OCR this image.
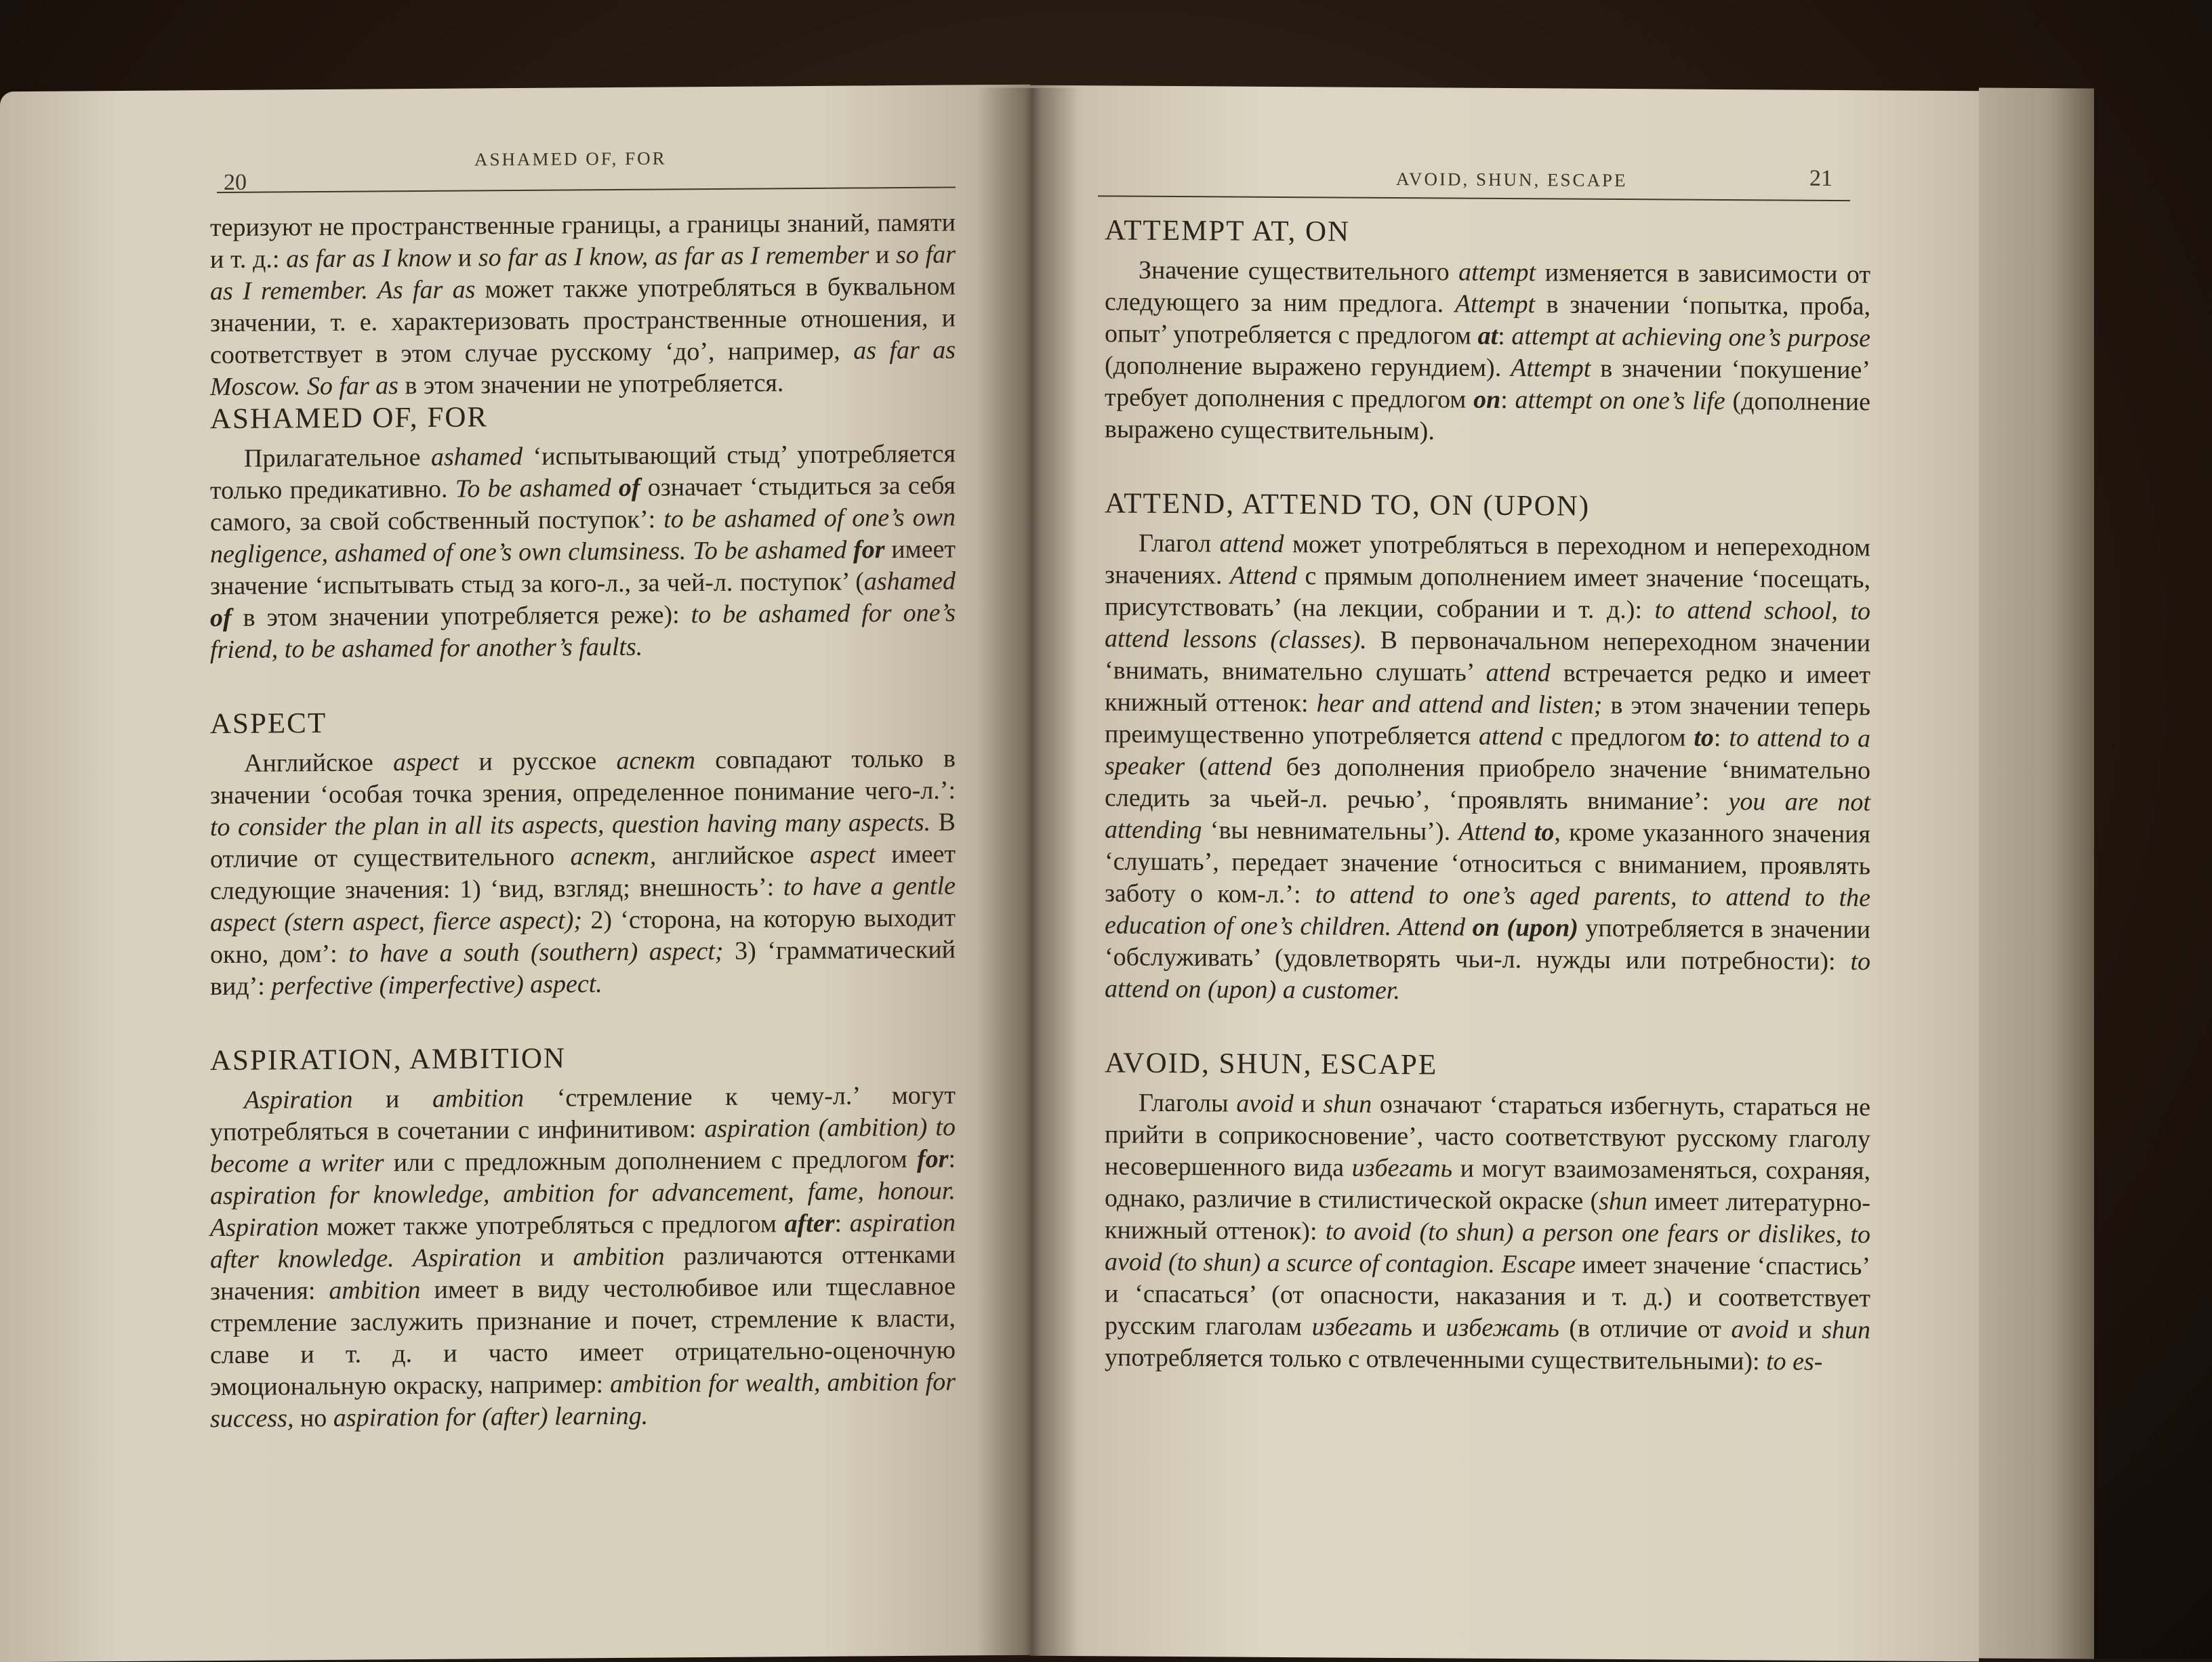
20
ASHAMED OF, FOR

теризуют не пространственные границы, а границы знаний, памяти и т. д.: as far as I know и so far as I know, as far as I remember и so far as I remember. As far as может также употребляться в буквальном значении, т. е. характеризовать пространственные отношения, и соответствует в этом случае русскому ‘до’, например, as far as Moscow. So far as в этом значении не употребляется.

ASHAMED OF, FOR

Прилагательное ashamed ‘испытывающий стыд’ употребляется только предикативно. To be ashamed of означает ‘стыдиться за себя самого, за свой собственный поступок’: to be ashamed of one’s own negligence, ashamed of one’s own clumsiness. To be ashamed for имеет значение ‘испытывать стыд за кого-л., за чей-л. поступок’ (ashamed of в этом значении употребляется реже): to be ashamed for one’s friend, to be ashamed for another’s faults.

ASPECT

Английское aspect и русское аспект совпадают только в значении ‘особая точка зрения, определенное понимание чего-л.’: to consider the plan in all its aspects, question having many aspects. В отличие от существительного аспект, английское aspect имеет следующие значения: 1) ‘вид, взгляд; внешность’: to have a gentle aspect (stern aspect, fierce aspect); 2) ‘сторона, на которую выходит окно, дом’: to have a south (southern) aspect; 3) ‘грамматический вид’: perfective (imperfective) aspect.

ASPIRATION, AMBITION

Aspiration и ambition ‘стремление к чему-л.’ могут употребляться в сочетании с инфинитивом: aspiration (ambition) to become a writer или с предложным дополнением с предлогом for: aspiration for knowledge, ambition for advancement, fame, honour. Aspiration может также употребляться с предлогом after: aspiration after knowledge. Aspiration и ambition различаются оттенками значения: ambition имеет в виду честолюбивое или тщеславное стремление заслужить признание и почет, стремление к власти, славе и т. д. и часто имеет отрицательно-оценочную эмоциональную окраску, например: ambition for wealth, ambition for success, но aspiration for (after) learning.

AVOID, SHUN, ESCAPE	21
ATTEMPT AT, ON

Значение существительного attempt изменяется в зависимости от следующего за ним предлога. Attempt в значении ‘попытка, проба, опыт’ употребляется с предлогом at: attempt at achieving one’s purpose (дополнение выражено герундием). Attempt в значении ‘покушение’ требует дополнения с предлогом on: attempt on one’s life (дополнение выражено существительным).

ATTEND, ATTEND TO, ON (UPON)

Глагол attend может употребляться в переходном и непереходном значениях. Attend с прямым дополнением имеет значение ‘посещать, присутствовать’ (на лекции, собрании и т. д.): to attend school, to attend lessons (classes). В первоначальном непереходном значении ‘внимать, внимательно слушать’ attend встречается редко и имеет книжный оттенок: hear and attend and listen; в этом значении теперь преимущественно употребляется attend с предлогом to: to attend to a speaker (attend без дополнения приобрело значение ‘внимательно следить за чьей-л. речью’, ‘проявлять внимание’: you are not attending ‘вы невнимательны’). Attend to, кроме указанного значения ‘слушать’, передает значение ‘относиться с вниманием, проявлять заботу о ком-л.’: to attend to one’s aged parents, to attend to the education of one’s children. Attend on (upon) употребляется в значении ‘обслуживать’ (удовлетворять чьи-л. нужды или потребности): to attend on (upon) a customer.

AVOID, SHUN, ESCAPE

Глаголы avoid и shun означают ‘стараться избегнуть, стараться не прийти в соприкосновение’, часто соответствуют русскому глаголу несовершенного вида избегать и могут взаимозаменяться, сохраняя, однако, различие в стилистической окраске (shun имеет литературно-книжный оттенок): to avoid (to shun) a person one fears or dislikes, to avoid (to shun) a scurce of contagion. Escape имеет значение ‘спастись’ и ‘спасаться’ (от опасности, наказания и т. д.) и соответствует русским глаголам избегать и избежать (в отличие от avoid и shun употребляется только с отвлеченными существительными): to es-
